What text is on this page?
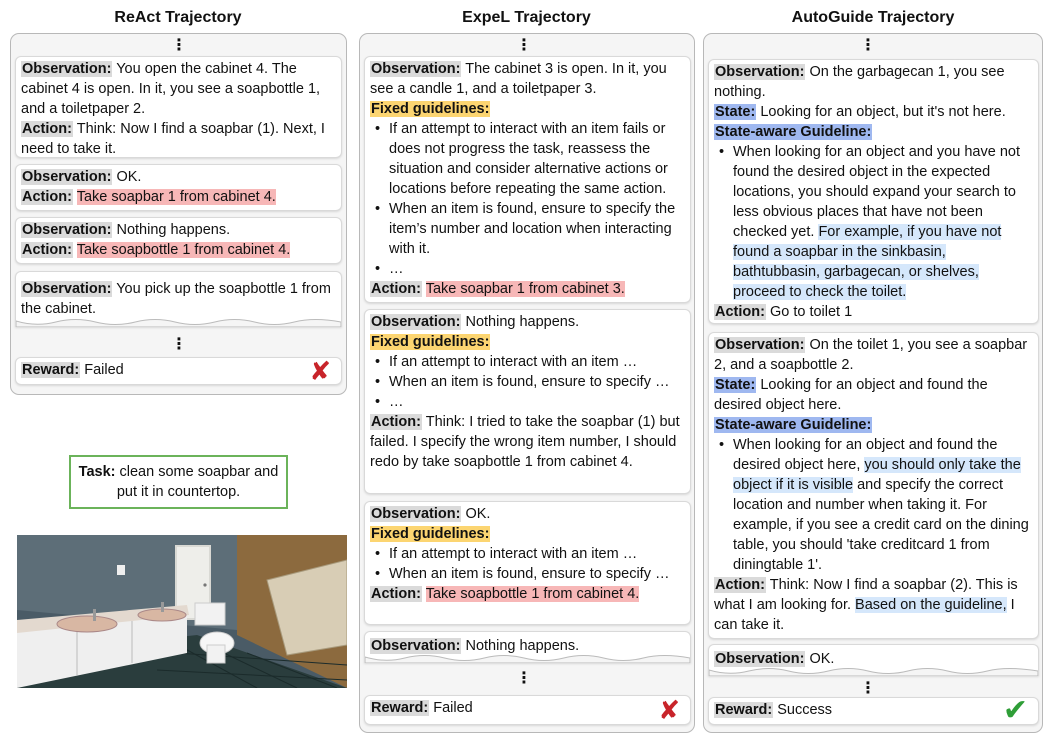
ReAct Trajectory	ExpeL Trajectory	AutoGuide Trajectory
⋮
Observation: You open the cabinet 4. The cabinet 4 is open. In it, you see a soapbottle 1, and a toiletpaper 2.
Action: Think: Now I find a soapbar (1). Next, I need to take it.
Observation: OK.
Action: Take soapbar 1 from cabinet 4.
Observation: Nothing happens.
Action: Take soapbottle 1 from cabinet 4.
Observation: You pick up the soapbottle 1 from the cabinet.
⋮
Reward: Failed	✘
Task: clean some soapbar and put it in countertop.
⋮
Observation: The cabinet 3 is open. In it, you see a candle 1, and a toiletpaper 3.
Fixed guidelines:
• If an attempt to interact with an item fails or does not progress the task, reassess the situation and consider alternative actions or locations before repeating the same action.
• When an item is found, ensure to specify the item’s number and location when interacting with it.
• …
Action: Take soapbar 1 from cabinet 3.
Observation: Nothing happens.
Fixed guidelines:
• If an attempt to interact with an item …
• When an item is found, ensure to specify …
• …
Action: Think: I tried to take the soapbar (1) but failed. I specify the wrong item number, I should redo by take soapbottle 1 from cabinet 4.
Observation: OK.
Fixed guidelines:
• If an attempt to interact with an item …
• When an item is found, ensure to specify …
Action: Take soapbottle 1 from cabinet 4.
Observation: Nothing happens.
⋮
Reward: Failed	✘
⋮
Observation: On the garbagecan 1, you see nothing.
State: Looking for an object, but it's not here.
State-aware Guideline:
• When looking for an object and you have not found the desired object in the expected locations, you should expand your search to less obvious places that have not been checked yet. For example, if you have not found a soapbar in the sinkbasin, bathtubbasin, garbagecan, or shelves, proceed to check the toilet.
Action: Go to toilet 1
Observation: On the toilet 1, you see a soapbar 2, and a soapbottle 2.
State: Looking for an object and found the desired object here.
State-aware Guideline:
• When looking for an object and found the desired object here, you should only take the object if it is visible and specify the correct location and number when taking it. For example, if you see a credit card on the dining table, you should 'take creditcard 1 from diningtable 1'.
Action: Think: Now I find a soapbar (2). This is what I am looking for. Based on the guideline, I can take it.
Observation: OK.
⋮
Reward: Success	✔
